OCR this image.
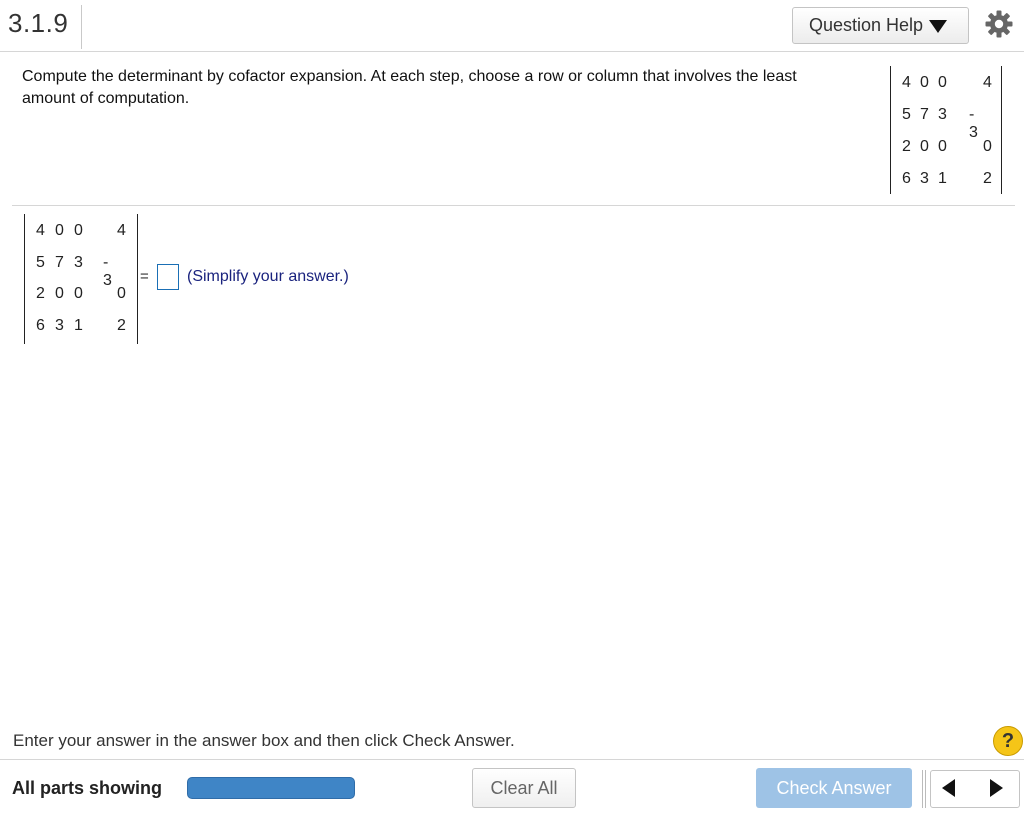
3.1.9	Question Help
Compute the determinant by cofactor expansion. At each step, choose a row or column that involves the least amount of computation.
4 0 0 4
5 7 3 - 3
2 0 0 0
6 3 1 2
4 0 0 4
5 7 3 - 3
2 0 0 0
6 3 1 2
= (Simplify your answer.)
Enter your answer in the answer box and then click Check Answer.	?
All parts showing	Clear All	Check Answer
